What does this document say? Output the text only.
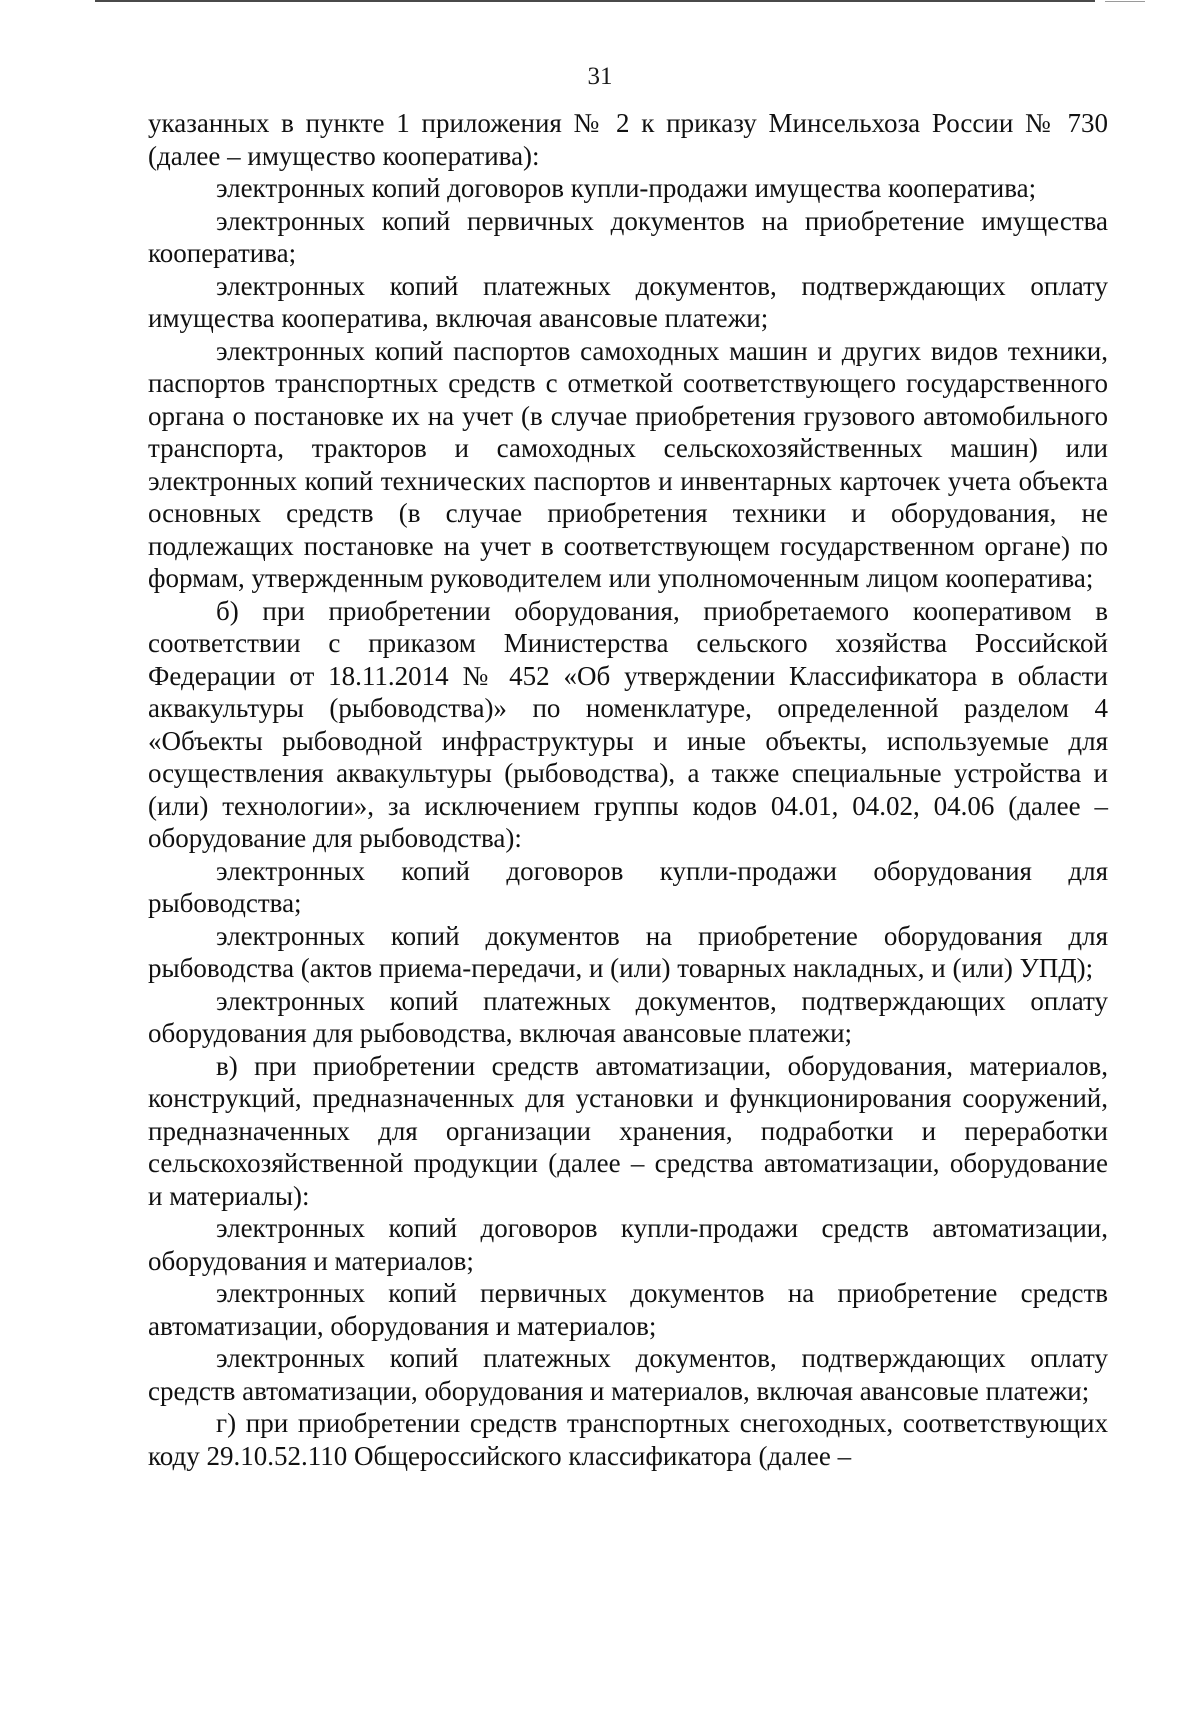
31

указанных в пункте 1 приложения № 2 к приказу Минсельхоза России № 730 (далее – имущество кооператива):

электронных копий договоров купли-продажи имущества кооператива;

электронных копий первичных документов на приобретение имущества кооператива;

электронных копий платежных документов, подтверждающих оплату имущества кооператива, включая авансовые платежи;

электронных копий паспортов самоходных машин и других видов техники, паспортов транспортных средств с отметкой соответствующего государственного органа о постановке их на учет (в случае приобретения грузового автомобильного транспорта, тракторов и самоходных сельскохозяйственных машин) или электронных копий технических паспортов и инвентарных карточек учета объекта основных средств (в случае приобретения техники и оборудования, не подлежащих постановке на учет в соответствующем государственном органе) по формам, утвержденным руководителем или уполномоченным лицом кооператива;

б) при приобретении оборудования, приобретаемого кооперативом в соответствии с приказом Министерства сельского хозяйства Российской Федерации от 18.11.2014 № 452 «Об утверждении Классификатора в области аквакультуры (рыбоводства)» по номенклатуре, определенной разделом 4 «Объекты рыбоводной инфраструктуры и иные объекты, используемые для осуществления аквакультуры (рыбоводства), а также специальные устройства и (или) технологии», за исключением группы кодов 04.01, 04.02, 04.06 (далее – оборудование для рыбоводства):

электронных копий договоров купли-продажи оборудования для рыбоводства;

электронных копий документов на приобретение оборудования для рыбоводства (актов приема-передачи, и (или) товарных накладных, и (или) УПД);

электронных копий платежных документов, подтверждающих оплату оборудования для рыбоводства, включая авансовые платежи;

в) при приобретении средств автоматизации, оборудования, материалов, конструкций, предназначенных для установки и функционирования сооружений, предназначенных для организации хранения, подработки и переработки сельскохозяйственной продукции (далее – средства автоматизации, оборудование и материалы):

электронных копий договоров купли-продажи средств автоматизации, оборудования и материалов;

электронных копий первичных документов на приобретение средств автоматизации, оборудования и материалов;

электронных копий платежных документов, подтверждающих оплату средств автоматизации, оборудования и материалов, включая авансовые платежи;

г) при приобретении средств транспортных снегоходных, соответствующих коду 29.10.52.110 Общероссийского классификатора (далее –
